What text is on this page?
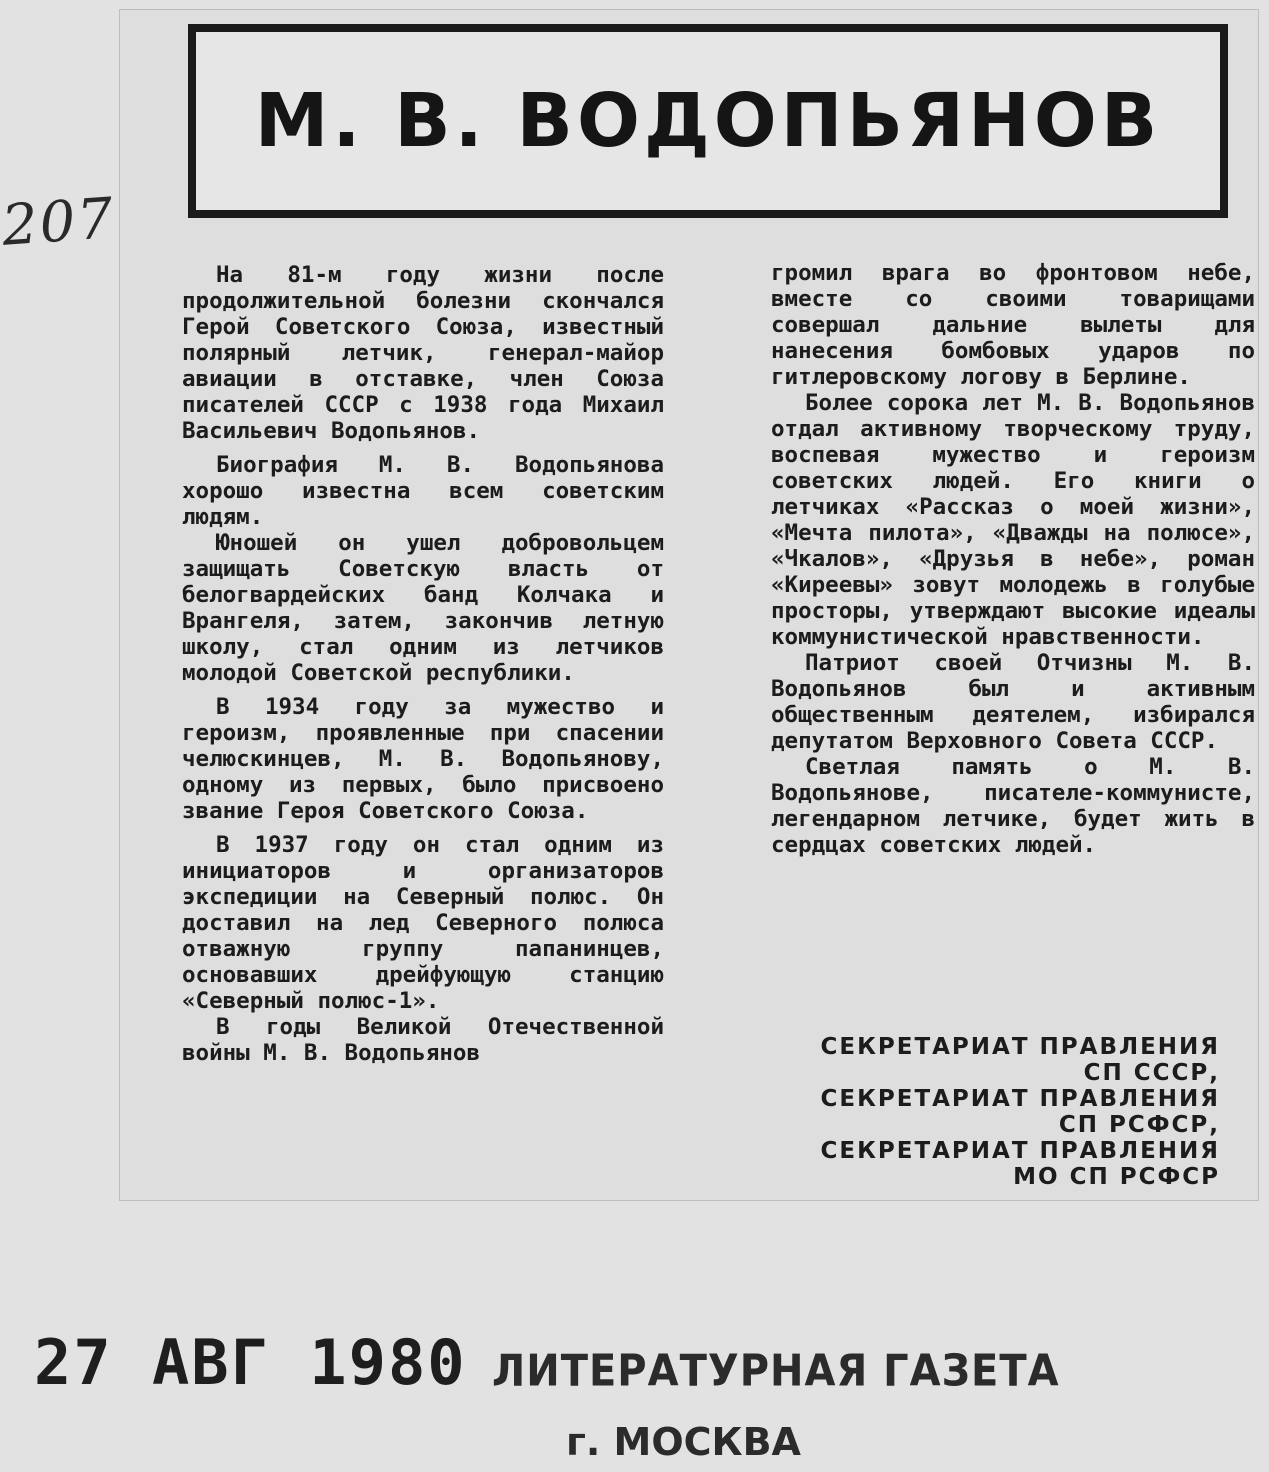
207
М. В. ВОДОПЬЯНОВ

На 81-м году жизни после продолжительной болезни скончался Герой Советского Союза, известный полярный летчик, генерал-майор авиации в отставке, член Союза писателей СССР с 1938 года Михаил Васильевич Водопьянов.

Биография М. В. Водопьянова хорошо известна всем советским людям.

Юношей он ушел добровольцем защищать Советскую власть от белогвардейских банд Колчака и Врангеля, затем, закончив летную школу, стал одним из летчиков молодой Советской республики.

В 1934 году за мужество и героизм, проявленные при спасении челюскинцев, М. В. Водопьянову, одному из первых, было присвоено звание Героя Советского Союза.

В 1937 году он стал одним из инициаторов и организаторов экспедиции на Северный полюс. Он доставил на лед Северного полюса отважную группу папанинцев, основавших дрейфующую станцию «Северный полюс-1».

В годы Великой Отечественной войны М. В. Водопьянов

громил врага во фронтовом небе, вместе со своими товарищами совершал дальние вылеты для нанесения бомбовых ударов по гитлеровскому логову в Берлине.

Более сорока лет М. В. Водопьянов отдал активному творческому труду, воспевая мужество и героизм советских людей. Его книги о летчиках «Рассказ о моей жизни», «Мечта пилота», «Дважды на полюсе», «Чкалов», «Друзья в небе», роман «Киреевы» зовут молодежь в голубые просторы, утверждают высокие идеалы коммунистической нравственности.

Патриот своей Отчизны М. В. Водопьянов был и активным общественным деятелем, избирался депутатом Верховного Совета СССР.

Светлая память о М. В. Водопьянове, писателе-коммунисте, легендарном летчике, будет жить в сердцах советских людей.

СЕКРЕТАРИАТ ПРАВЛЕНИЯ
СП СССР,
СЕКРЕТАРИАТ ПРАВЛЕНИЯ
СП РСФСР,
СЕКРЕТАРИАТ ПРАВЛЕНИЯ
МО СП РСФСР
27 АВГ 1980 ЛИТЕРАТУРНАЯ ГАЗЕТА
г. МОСКВА
